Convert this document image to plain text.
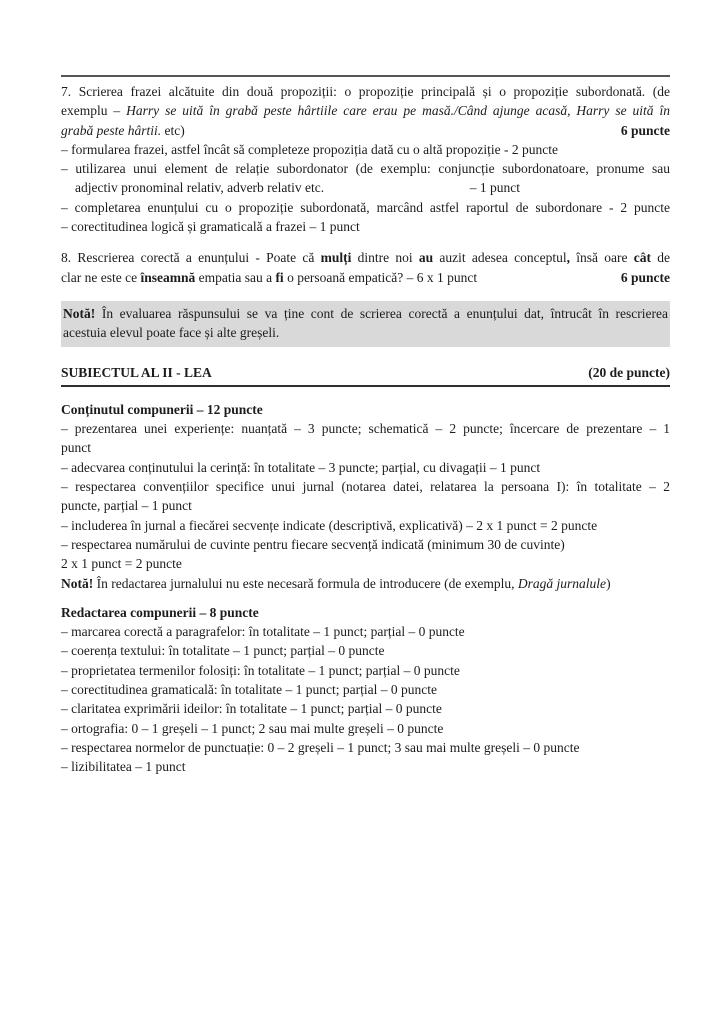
7. Scrierea frazei alcătuite din două propoziții: o propoziție principală și o propoziție subordonată. (de
exemplu – Harry se uită în grabă peste hârtiile care erau pe masă./Când ajunge acasă, Harry se uită în
grabă peste hârtii. etc)	6 puncte
– formularea frazei, astfel încât să completeze propoziția dată cu o altă propoziție - 2 puncte
– utilizarea unui element de relație subordonator (de exemplu: conjuncție subordonatoare, pronume sau
adjectiv pronominal relativ, adverb relativ etc.	– 1 punct
– completarea enunțului cu o propoziție subordonată, marcând astfel raportul de subordonare - 2 puncte
– corectitudinea logică și gramaticală a frazei – 1 punct
8. Rescrierea corectă a enunțului - Poate că mulți dintre noi au auzit adesea conceptul, însă oare cât de
clar ne este ce înseamnă empatia sau a fi o persoană empatică? – 6 x 1 punct	6 puncte
Notă! În evaluarea răspunsului se va ține cont de scrierea corectă a enunțului dat, întrucât în rescrierea
acestuia elevul poate face și alte greșeli.
SUBIECTUL AL II - LEA	(20 de puncte)
Conținutul compunerii – 12 puncte
– prezentarea unei experiențe: nuanțată – 3 puncte; schematică – 2 puncte; încercare de prezentare – 1
punct
– adecvarea conținutului la cerință: în totalitate – 3 puncte; parțial, cu divagații – 1 punct
– respectarea convențiilor specifice unui jurnal (notarea datei, relatarea la persoana I): în totalitate – 2
puncte, parțial – 1 punct
– includerea în jurnal a fiecărei secvențe indicate (descriptivă, explicativă) – 2 x 1 punct = 2 puncte
– respectarea numărului de cuvinte pentru fiecare secvență indicată (minimum 30 de cuvinte)
2 x 1 punct = 2 puncte
Notă! În redactarea jurnalului nu este necesară formula de introducere (de exemplu, Dragă jurnalule)
Redactarea compunerii – 8 puncte
– marcarea corectă a paragrafelor: în totalitate – 1 punct; parțial – 0 puncte
– coerența textului: în totalitate – 1 punct; parțial – 0 puncte
– proprietatea termenilor folosiți: în totalitate – 1 punct; parțial – 0 puncte
– corectitudinea gramaticală: în totalitate – 1 punct; parțial – 0 puncte
– claritatea exprimării ideilor: în totalitate – 1 punct; parțial – 0 puncte
– ortografia: 0 – 1 greșeli – 1 punct; 2 sau mai multe greșeli – 0 puncte
– respectarea normelor de punctuație: 0 – 2 greșeli – 1 punct; 3 sau mai multe greșeli – 0 puncte
– lizibilitatea – 1 punct
